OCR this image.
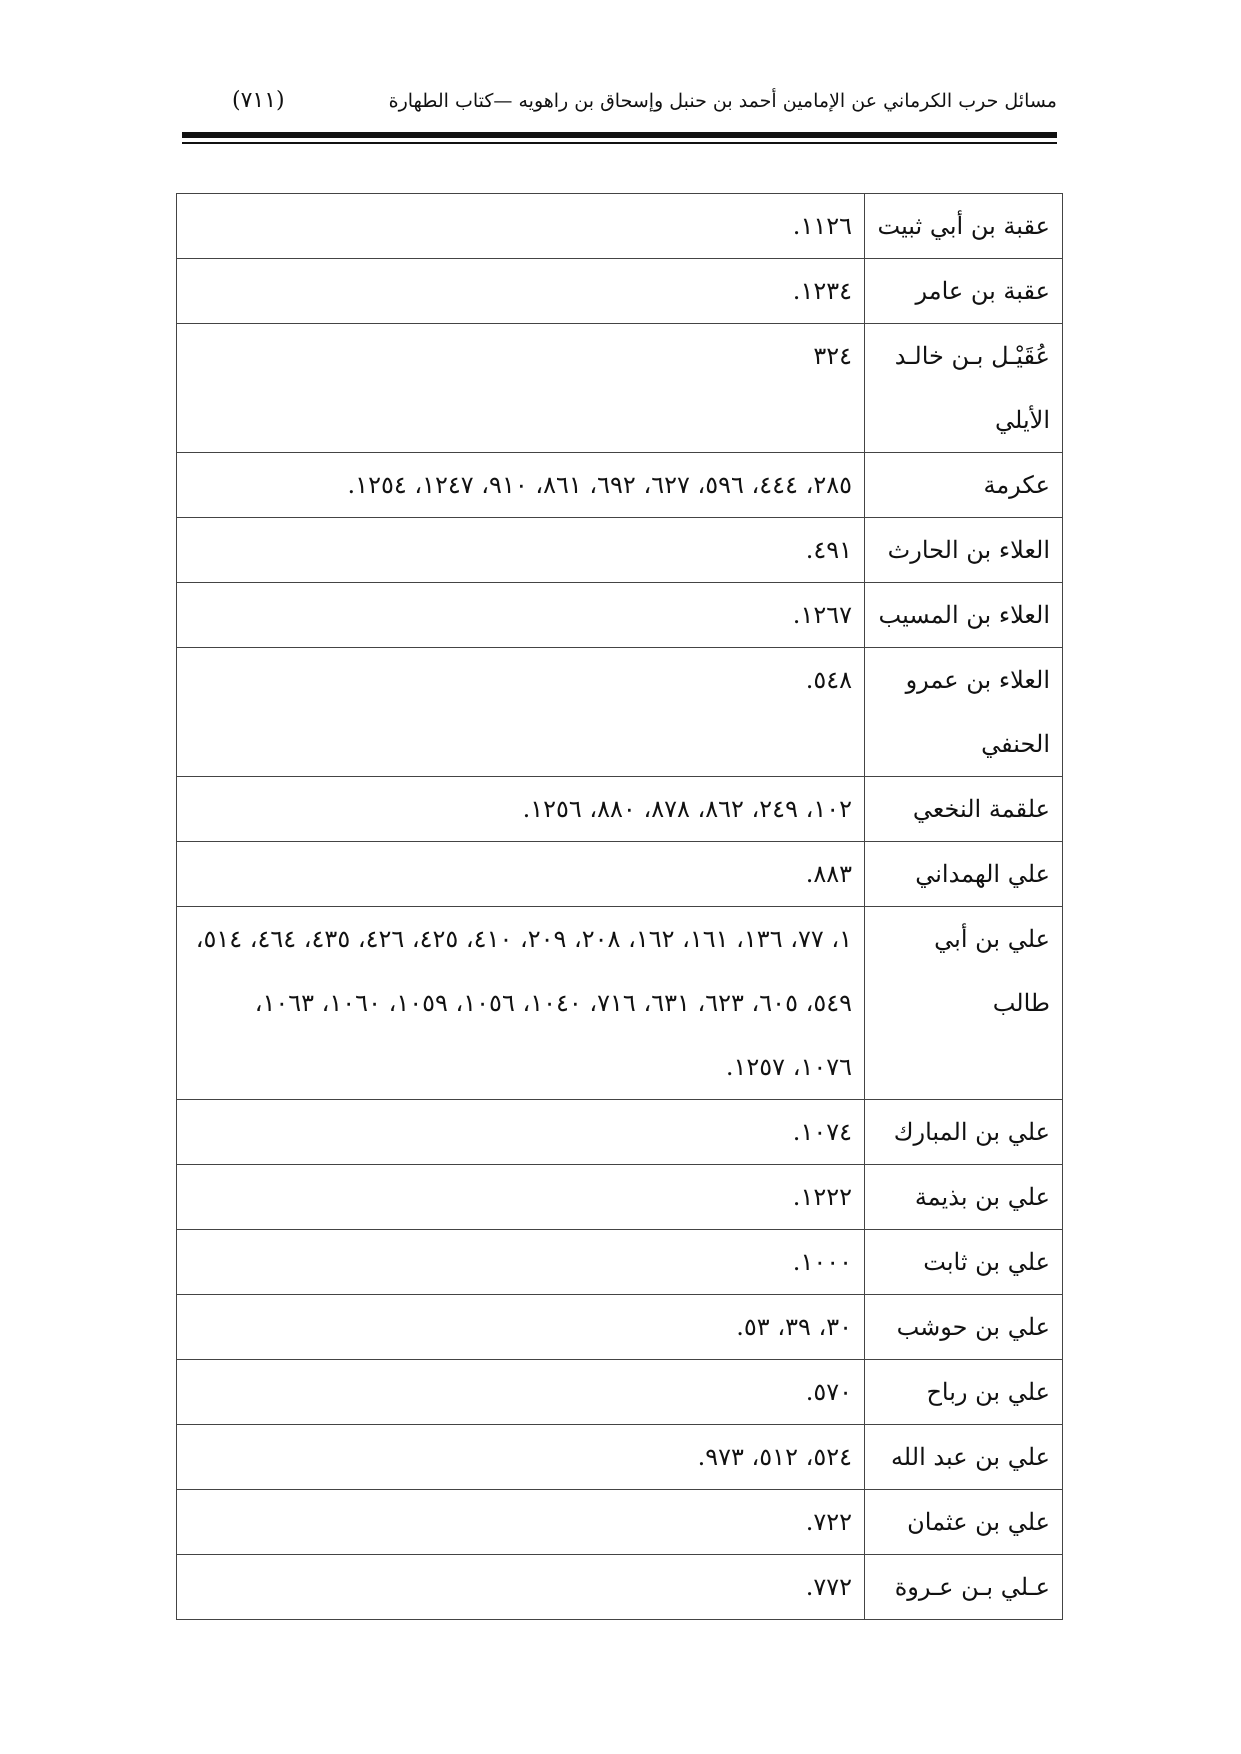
مسائل حرب الكرماني عن الإمامين أحمد بن حنبل وإسحاق بن راهويه —كتاب الطهارة
(٧١١)
عقبة بن أبي ثبيت	١١٢٦.

عقبة بن عامر	١٢٣٤.

عُقَيْـل بـن خالـد الأيلي	٣٢٤

عكرمة	٢٨٥، ٤٤٤، ٥٩٦، ٦٢٧، ٦٩٢، ٨٦١، ٩١٠، ١٢٤٧، ١٢٥٤.

العلاء بن الحارث	٤٩١.

العلاء بن المسيب	١٢٦٧.

العلاء بن عمرو الحنفي	٥٤٨.

علقمة النخعي	١٠٢، ٢٤٩، ٨٦٢، ٨٧٨، ٨٨٠، ١٢٥٦.

علي الهمداني	٨٨٣.

علي بن أبي طالب	١، ٧٧، ١٣٦، ١٦١، ١٦٢، ٢٠٨، ٢٠٩، ٤١٠، ٤٢٥، ٤٢٦، ٤٣٥، ٤٦٤، ٥١٤، ٥٤٩، ٦٠٥، ٦٢٣، ٦٣١، ٧١٦، ١٠٤٠، ١٠٥٦، ١٠٥٩، ١٠٦٠، ١٠٦٣، ١٠٧٦، ١٢٥٧.

علي بن المبارك	١٠٧٤.

علي بن بذيمة	١٢٢٢.

علي بن ثابت	١٠٠٠.

علي بن حوشب	٣٠، ٣٩، ٥٣.

علي بن رباح	٥٧٠.

علي بن عبد الله	٥٢٤، ٥١٢، ٩٧٣.

علي بن عثمان	٧٢٢.

عـلي بـن عـروة	٧٧٢.
